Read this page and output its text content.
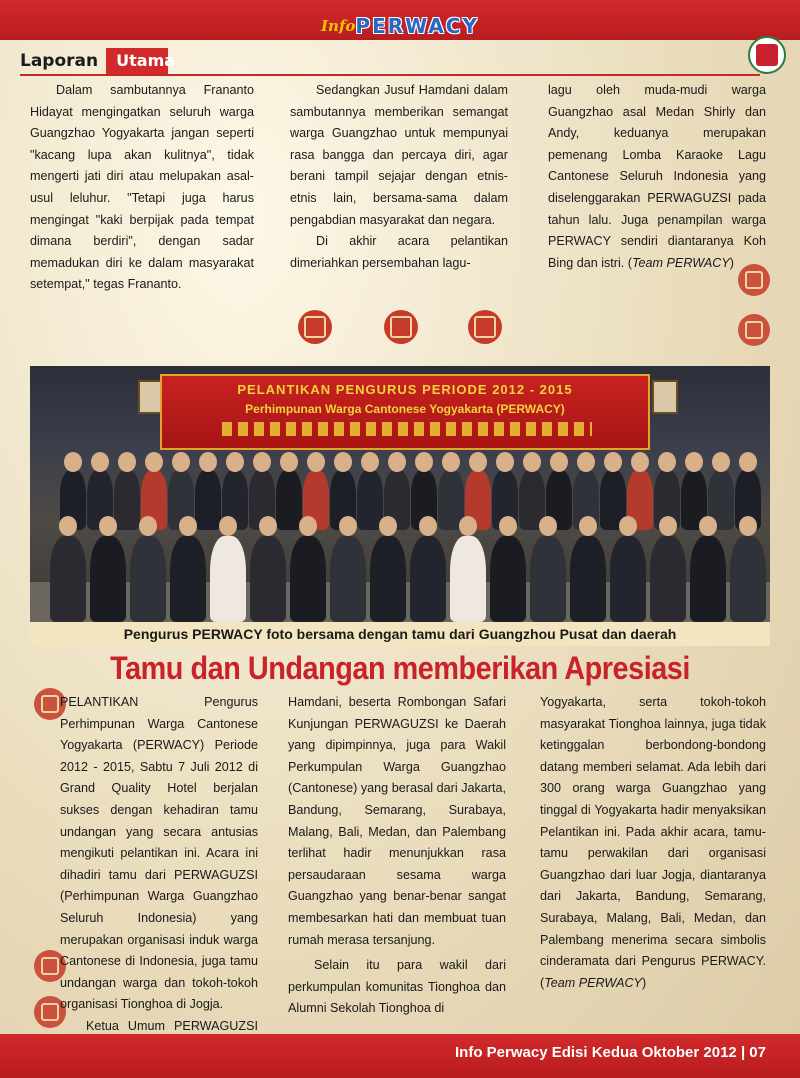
InfoPERWACY
Laporan	Utama

Dalam sambutannya Frananto Hidayat mengingatkan seluruh warga Guangzhao Yogyakarta jangan seperti "kacang lupa akan kulitnya", tidak mengerti jati diri atau melupakan asal-usul leluhur. "Tetapi juga harus mengingat "kaki berpijak pada tempat dimana berdiri", dengan sadar memadukan diri ke dalam masyarakat setempat," tegas Frananto.

Sedangkan Jusuf Hamdani dalam sambutannya memberikan semangat warga Guangzhao untuk mempunyai rasa bangga dan percaya diri, agar berani tampil sejajar dengan etnis-etnis lain, bersama-sama dalam pengabdian masyarakat dan negara.

Di akhir acara pelantikan dimeriahkan persembahan lagu-

lagu oleh muda-mudi warga Guangzhao asal Medan Shirly dan Andy, keduanya merupakan pemenang Lomba Karaoke Lagu Cantonese Seluruh Indonesia yang diselenggarakan PERWAGUZSI pada tahun lalu. Juga penampilan warga PERWACY sendiri diantaranya Koh Bing dan istri. (Team PERWACY)

PELANTIKAN PENGURUS PERIODE 2012 - 2015
Perhimpunan Warga Cantonese Yogyakarta (PERWACY)
Pengurus PERWACY foto bersama dengan tamu dari Guangzhou Pusat dan daerah
Tamu dan Undangan memberikan Apresiasi

PELANTIKAN Pengurus Perhimpunan Warga Cantonese Yogyakarta (PERWACY) Periode 2012 - 2015, Sabtu 7 Juli 2012 di Grand Quality Hotel berjalan sukses dengan kehadiran tamu undangan yang secara antusias mengikuti pelantikan ini. Acara ini dihadiri tamu dari PERWAGUZSI (Perhimpunan Warga Guangzhao Seluruh Indonesia) yang merupakan organisasi induk warga Cantonese di Indonesia, juga tamu undangan warga dan tokoh-tokoh organisasi Tionghoa di Jogja.

Ketua Umum PERWAGUZSI

Hamdani, beserta Rombongan Safari Kunjungan PERWAGUZSI ke Daerah yang dipimpinnya, juga para Wakil Perkumpulan Warga Guangzhao (Cantonese) yang berasal dari Jakarta, Bandung, Semarang, Surabaya, Malang, Bali, Medan, dan Palembang terlihat hadir menunjukkan rasa persaudaraan sesama warga Guangzhao yang benar-benar sangat membesarkan hati dan membuat tuan rumah merasa tersanjung.

Selain itu para wakil dari perkumpulan komunitas Tionghoa dan Alumni Sekolah Tionghoa di

Yogyakarta, serta tokoh-tokoh masyarakat Tionghoa lainnya, juga tidak ketinggalan berbondong-bondong datang memberi selamat. Ada lebih dari 300 orang warga Guangzhao yang tinggal di Yogyakarta hadir menyaksikan Pelantikan ini. Pada akhir acara, tamu-tamu perwakilan dari organisasi Guangzhao dari luar Jogja, diantaranya dari Jakarta, Bandung, Semarang, Surabaya, Malang, Bali, Medan, dan Palembang menerima secara simbolis cinderamata dari Pengurus PERWACY. (Team PERWACY)

Info Perwacy Edisi Kedua Oktober 2012 | 07
